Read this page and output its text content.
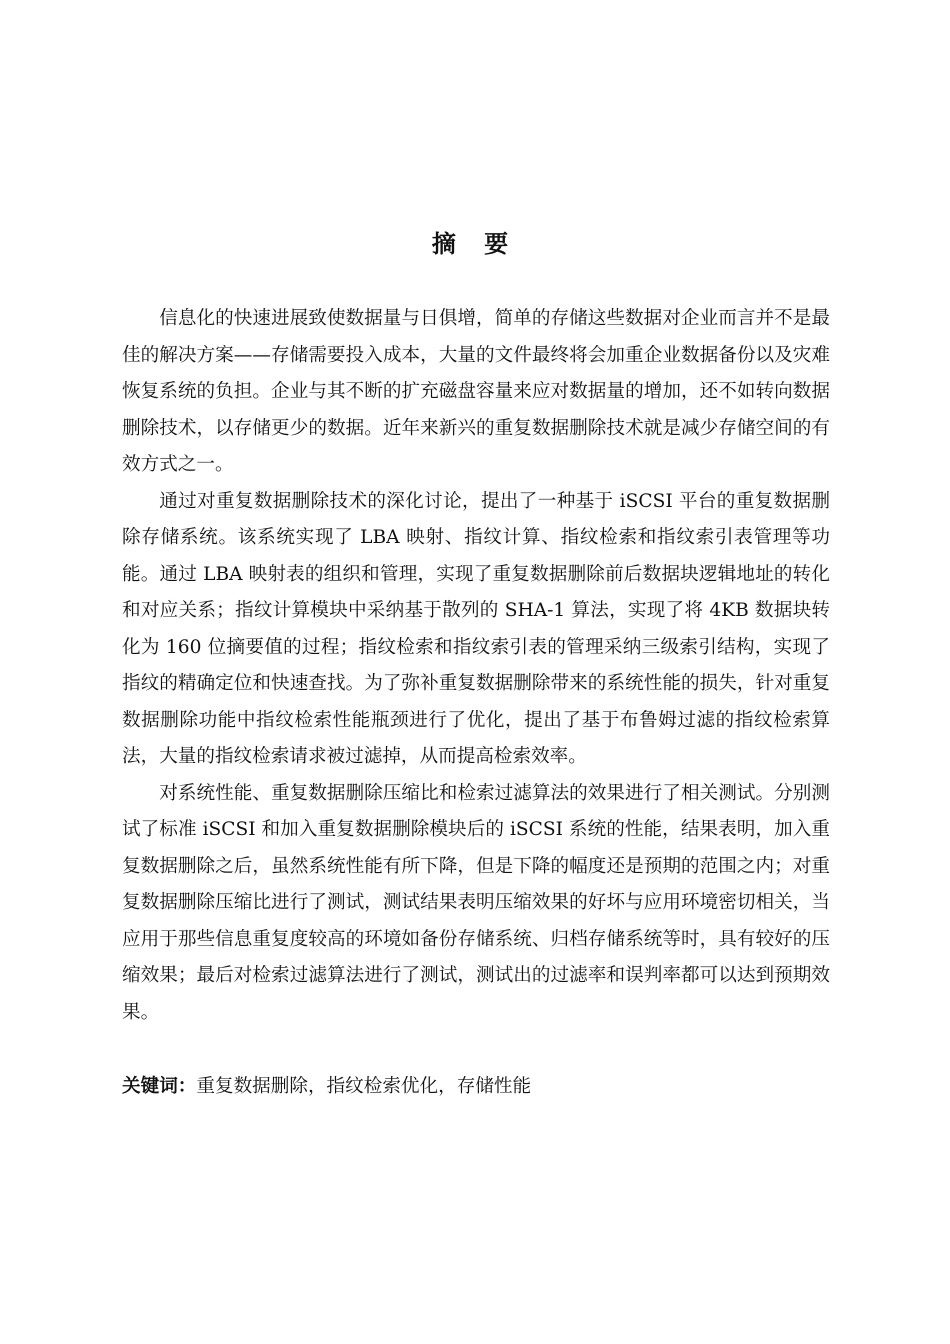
摘 要

信息化的快速进展致使数据量与日俱增，简单的存储这些数据对企业而言并不是最佳的解决方案——存储需要投入成本，大量的文件最终将会加重企业数据备份以及灾难恢复系统的负担。企业与其不断的扩充磁盘容量来应对数据量的增加，还不如转向数据删除技术，以存储更少的数据。近年来新兴的重复数据删除技术就是减少存储空间的有效方式之一。

通过对重复数据删除技术的深化讨论，提出了一种基于 iSCSI 平台的重复数据删除存储系统。该系统实现了 LBA 映射、指纹计算、指纹检索和指纹索引表管理等功能。通过 LBA 映射表的组织和管理，实现了重复数据删除前后数据块逻辑地址的转化和对应关系；指纹计算模块中采纳基于散列的 SHA-1 算法，实现了将 4KB 数据块转化为 160 位摘要值的过程；指纹检索和指纹索引表的管理采纳三级索引结构，实现了指纹的精确定位和快速查找。为了弥补重复数据删除带来的系统性能的损失，针对重复数据删除功能中指纹检索性能瓶颈进行了优化，提出了基于布鲁姆过滤的指纹检索算法，大量的指纹检索请求被过滤掉，从而提高检索效率。

对系统性能、重复数据删除压缩比和检索过滤算法的效果进行了相关测试。分别测试了标准 iSCSI 和加入重复数据删除模块后的 iSCSI 系统的性能，结果表明，加入重复数据删除之后，虽然系统性能有所下降，但是下降的幅度还是预期的范围之内；对重复数据删除压缩比进行了测试，测试结果表明压缩效果的好坏与应用环境密切相关，当应用于那些信息重复度较高的环境如备份存储系统、归档存储系统等时，具有较好的压缩效果；最后对检索过滤算法进行了测试，测试出的过滤率和误判率都可以达到预期效果。

关键词：重复数据删除，指纹检索优化，存储性能
